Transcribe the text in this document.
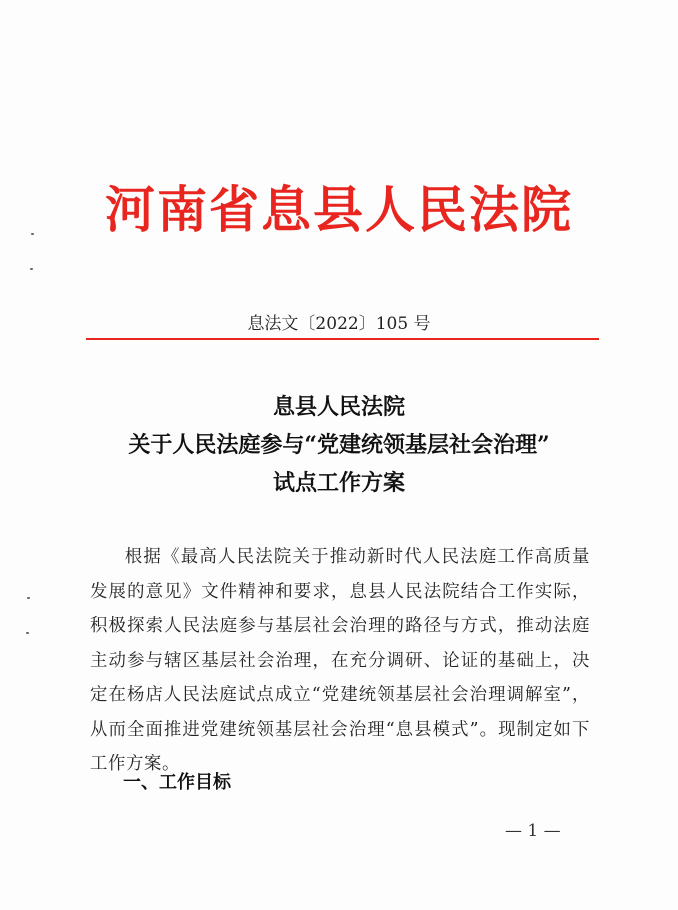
河南省息县人民法院
息法文〔2022〕105 号
息县人民法院
关于人民法庭参与“党建统领基层社会治理”
试点工作方案
根据《最高人民法院关于推动新时代人民法庭工作高质量发展的意见》文件精神和要求，息县人民法院结合工作实际，积极探索人民法庭参与基层社会治理的路径与方式，推动法庭主动参与辖区基层社会治理，在充分调研、论证的基础上，决定在杨店人民法庭试点成立“党建统领基层社会治理调解室”，从而全面推进党建统领基层社会治理“息县模式”。现制定如下工作方案。
一、工作目标
— 1 —
